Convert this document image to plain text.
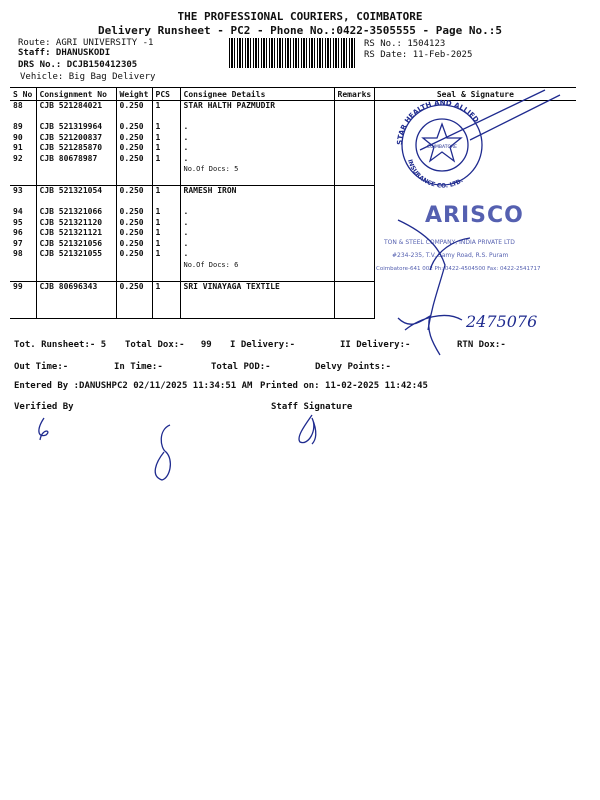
THE PROFESSIONAL COURIERS, COIMBATORE
Delivery Runsheet - PC2 - Phone No.:0422-3505555 - Page No.:5
Route: AGRI UNIVERSITY -1
Staff: DHANUSKODI
DRS No.: DCJB150412305
Vehicle: Big Bag Delivery
RS No.: 1504123
RS Date: 11-Feb-2025
S No	Consignment No	Weight	PCS	Consignee Details	Remarks	Seal & Signature	
88	CJB 521284021	0.250	1	STAR HALTH PAZMUDIR			

89	CJB 521319964	0.250	1	.			
90	CJB 521200837	0.250	1	.			
91	CJB 521285870	0.250	1	.			
92	CJB 80678987	0.250	1	.			
				No.Of Docs: 5			

93	CJB 521321054	0.250	1	RAMESH IRON			

94	CJB 521321066	0.250	1	.			
95	CJB 521321120	0.250	1	.			
96	CJB 521321121	0.250	1	.			
97	CJB 521321056	0.250	1	.			
98	CJB 521321055	0.250	1	.			
				No.Of Docs: 6			

99	CJB 80696343	0.250	1	SRI VINAYAGA TEXTILE			

Tot. Runsheet:- 5 Total Dox:-   99 I Delivery:-	II Delivery:-	RTN Dox:-
Out Time:-	In Time:-	Total POD:-	Delvy Points:-
Entered By :DANUSHPC2 02/11/2025 11:34:51 AM Printed on: 11-02-2025 11:42:45
Verified By	Staff Signature
STAR HEALTH AND ALLIED
INSURANCE CO. LTD.
COIMBATORE
ARISCO
TON & STEEL COMPANY, INDIA PRIVATE LTD
#234-235, T.V. Samy Road, R.S. Puram
Coimbatore-641 002 Ph: 0422-4504500 Fax: 0422-2541717
2475076
